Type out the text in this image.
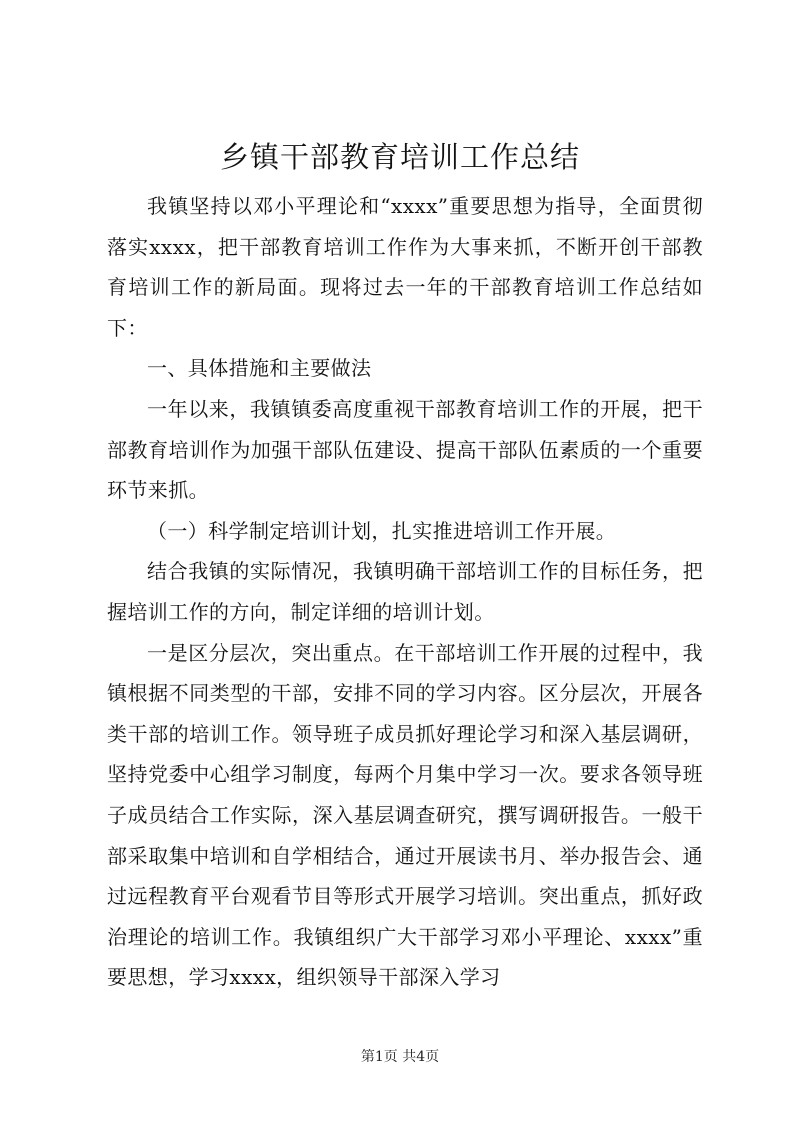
乡镇干部教育培训工作总结

我镇坚持以邓小平理论和“xxxx”重要思想为指导，全面贯彻落实xxxx，把干部教育培训工作作为大事来抓，不断开创干部教育培训工作的新局面。现将过去一年的干部教育培训工作总结如下：

一、具体措施和主要做法

一年以来，我镇镇委高度重视干部教育培训工作的开展，把干部教育培训作为加强干部队伍建设、提高干部队伍素质的一个重要环节来抓。

（一）科学制定培训计划，扎实推进培训工作开展。

结合我镇的实际情况，我镇明确干部培训工作的目标任务，把握培训工作的方向，制定详细的培训计划。

一是区分层次，突出重点。在干部培训工作开展的过程中，我镇根据不同类型的干部，安排不同的学习内容。区分层次，开展各类干部的培训工作。领导班子成员抓好理论学习和深入基层调研，坚持党委中心组学习制度，每两个月集中学习一次。要求各领导班子成员结合工作实际，深入基层调查研究，撰写调研报告。一般干部采取集中培训和自学相结合，通过开展读书月、举办报告会、通过远程教育平台观看节目等形式开展学习培训。突出重点，抓好政治理论的培训工作。我镇组织广大干部学习邓小平理论、xxxx”重要思想，学习xxxx，组织领导干部深入学习

第1页 共4页
